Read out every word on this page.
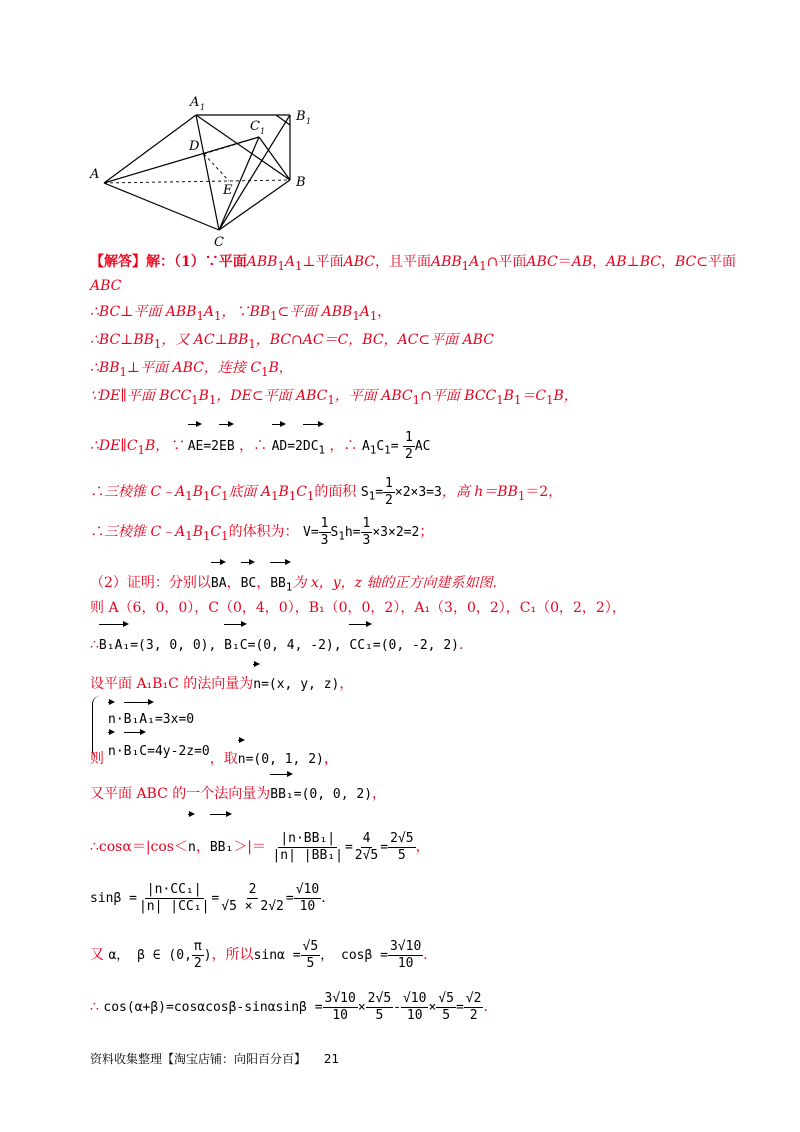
A 1
B 1
C 1
D
A
E
B
C
【解答】解：（1）∵平面$ABB_1A_1\perp$平面ABC，且平面$ABB_1A_1\cap$平面ABC＝AB，AB⊥BC，BC⊂平面
ABC
∴BC⊥平面 $ABB_1A_1$，$\because BB_1\subset$平面 $ABB_1A_1$，
$\therefore BC\perp BB_1$，又 $AC\perp BB_1$，BC∩AC＝C，BC，AC⊂平面 ABC
$\therefore BB_1\perp$平面 ABC，连接 $C_1B$，
∵DE∥平面 $BCC_1B_1$，DE⊂平面 $ABC_1$，平面 $ABC_1\cap$平面 $BCC_1B_1=C_1B$，
$\therefore DE\parallel C_1B$，∵ AE=2EB ，∴ $AD=2DC_1$ ，∴ $A_1C_1= \frac{1}{2}$ AC
∴三棱锥 $C﹣A_1B_1C_1$底面 $A_1B_1C_1$的面积 $S_1= \frac{1}{2} \times 2\times 3=3$，高 $h=BB_1=2$，
∴三棱锥 $C﹣A_1B_1C_1$的体积为： $V= \frac{1}{3} S_1h= \frac{1}{3} \times 3\times 2=2$；
（2）证明：分别以BA，BC，$BB_1$为 x，y，z 轴的正方向建系如图.
则 A（6，0，0），C（0，4，0），B₁（0，0，2），A₁（3，0，2），C₁（0，2，2），
∴B₁A₁=(3, 0, 0), B₁C=(0, 4, -2), CC₁=(0, -2, 2).
设平面 A₁B₁C 的法向量为n=(x, y, z)，
n·B₁A₁=3x=0
则 n·B₁C=4y-2z=0，取n=(0, 1, 2)，
又平面 ABC 的一个法向量为BB₁=(0, 0, 2)，
∴cosα＝|cos＜n，$BB_1>|= \frac{\text{|n·BB₁|}}{\text{|n| |BB₁|}} = \frac{4}{2√5} = \frac{2√5}{5}$ ，
$\sin\beta = \frac{\text{|n·CC₁|}}{\text{|n| |CC₁|}} = \frac{2}{√5 \times 2√2} = \frac{√10}{10}$ .
又 α， β ∈ (0, $\frac{\pi}{2}$ )，所以$\sin\alpha = \frac{√5}{5}$ ， $\cos\beta = \frac{3√10}{10}$ .
∴ $\cos(\alpha+\beta)=\cos\alpha\cos\beta-\sin\alpha\sin\beta = \frac{3√10}{10} \times \frac{2√5}{5} - \frac{√10}{10} \times \frac{√5}{5} = \frac{√2}{2}$ .
资料收集整理【淘宝店铺：向阳百分百】 21
